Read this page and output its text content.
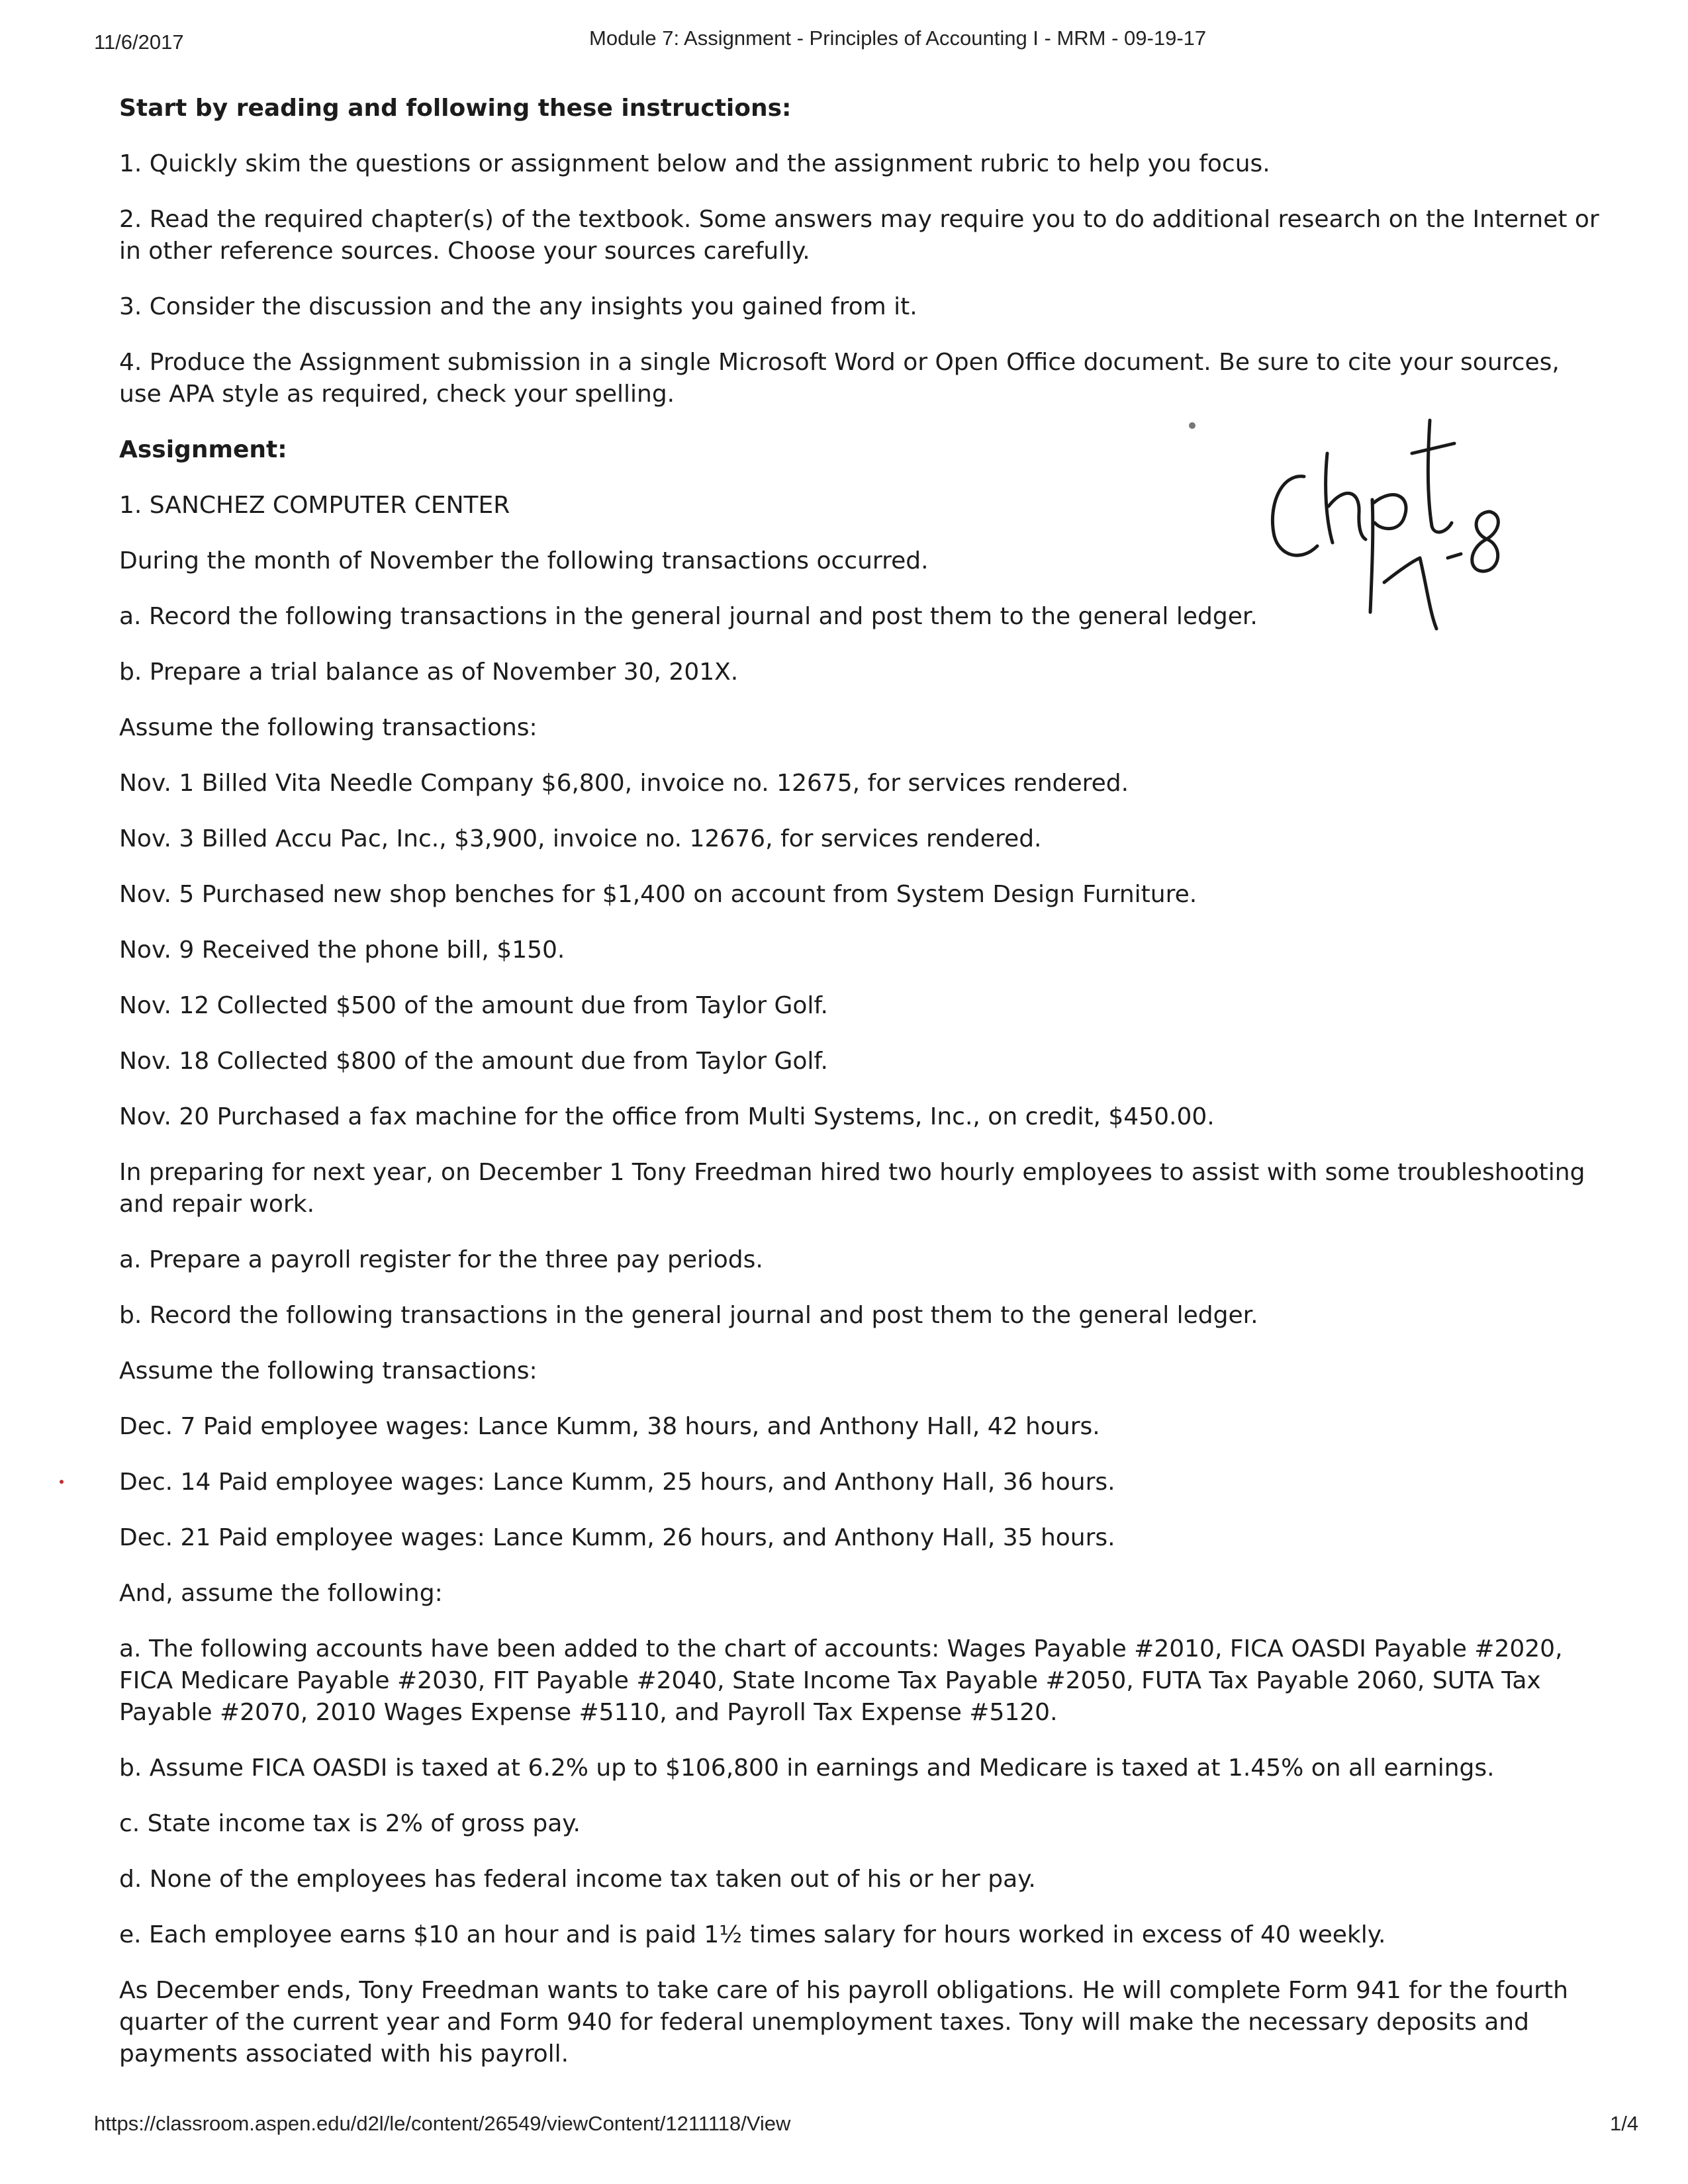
11/6/2017	Module 7: Assignment - Principles of Accounting I - MRM - 09-19-17

Start by reading and following these instructions:

1. Quickly skim the questions or assignment below and the assignment rubric to help you focus.

2. Read the required chapter(s) of the textbook. Some answers may require you to do additional research on the Internet or in other reference sources. Choose your sources carefully.

3. Consider the discussion and the any insights you gained from it.

4. Produce the Assignment submission in a single Microsoft Word or Open Office document. Be sure to cite your sources, use APA style as required, check your spelling.

Assignment:

1. SANCHEZ COMPUTER CENTER

During the month of November the following transactions occurred.

a. Record the following transactions in the general journal and post them to the general ledger.

b. Prepare a trial balance as of November 30, 201X.

Assume the following transactions:

Nov. 1 Billed Vita Needle Company $6,800, invoice no. 12675, for services rendered.

Nov. 3 Billed Accu Pac, Inc., $3,900, invoice no. 12676, for services rendered.

Nov. 5 Purchased new shop benches for $1,400 on account from System Design Furniture.

Nov. 9 Received the phone bill, $150.

Nov. 12 Collected $500 of the amount due from Taylor Golf.

Nov. 18 Collected $800 of the amount due from Taylor Golf.

Nov. 20 Purchased a fax machine for the office from Multi Systems, Inc., on credit, $450.00.

In preparing for next year, on December 1 Tony Freedman hired two hourly employees to assist with some troubleshooting and repair work.

a. Prepare a payroll register for the three pay periods.

b. Record the following transactions in the general journal and post them to the general ledger.

Assume the following transactions:

Dec. 7 Paid employee wages: Lance Kumm, 38 hours, and Anthony Hall, 42 hours.

Dec. 14 Paid employee wages: Lance Kumm, 25 hours, and Anthony Hall, 36 hours.

Dec. 21 Paid employee wages: Lance Kumm, 26 hours, and Anthony Hall, 35 hours.

And, assume the following:

a. The following accounts have been added to the chart of accounts: Wages Payable #2010, FICA OASDI Payable #2020, FICA Medicare Payable #2030, FIT Payable #2040, State Income Tax Payable #2050, FUTA Tax Payable 2060, SUTA Tax Payable #2070, 2010 Wages Expense #5110, and Payroll Tax Expense #5120.

b. Assume FICA OASDI is taxed at 6.2% up to $106,800 in earnings and Medicare is taxed at 1.45% on all earnings.

c. State income tax is 2% of gross pay.

d. None of the employees has federal income tax taken out of his or her pay.

e. Each employee earns $10 an hour and is paid 1½ times salary for hours worked in excess of 40 weekly.

As December ends, Tony Freedman wants to take care of his payroll obligations. He will complete Form 941 for the fourth quarter of the current year and Form 940 for federal unemployment taxes. Tony will make the necessary deposits and payments associated with his payroll.

https://classroom.aspen.edu/d2l/le/content/26549/viewContent/1211118/View	1/4
